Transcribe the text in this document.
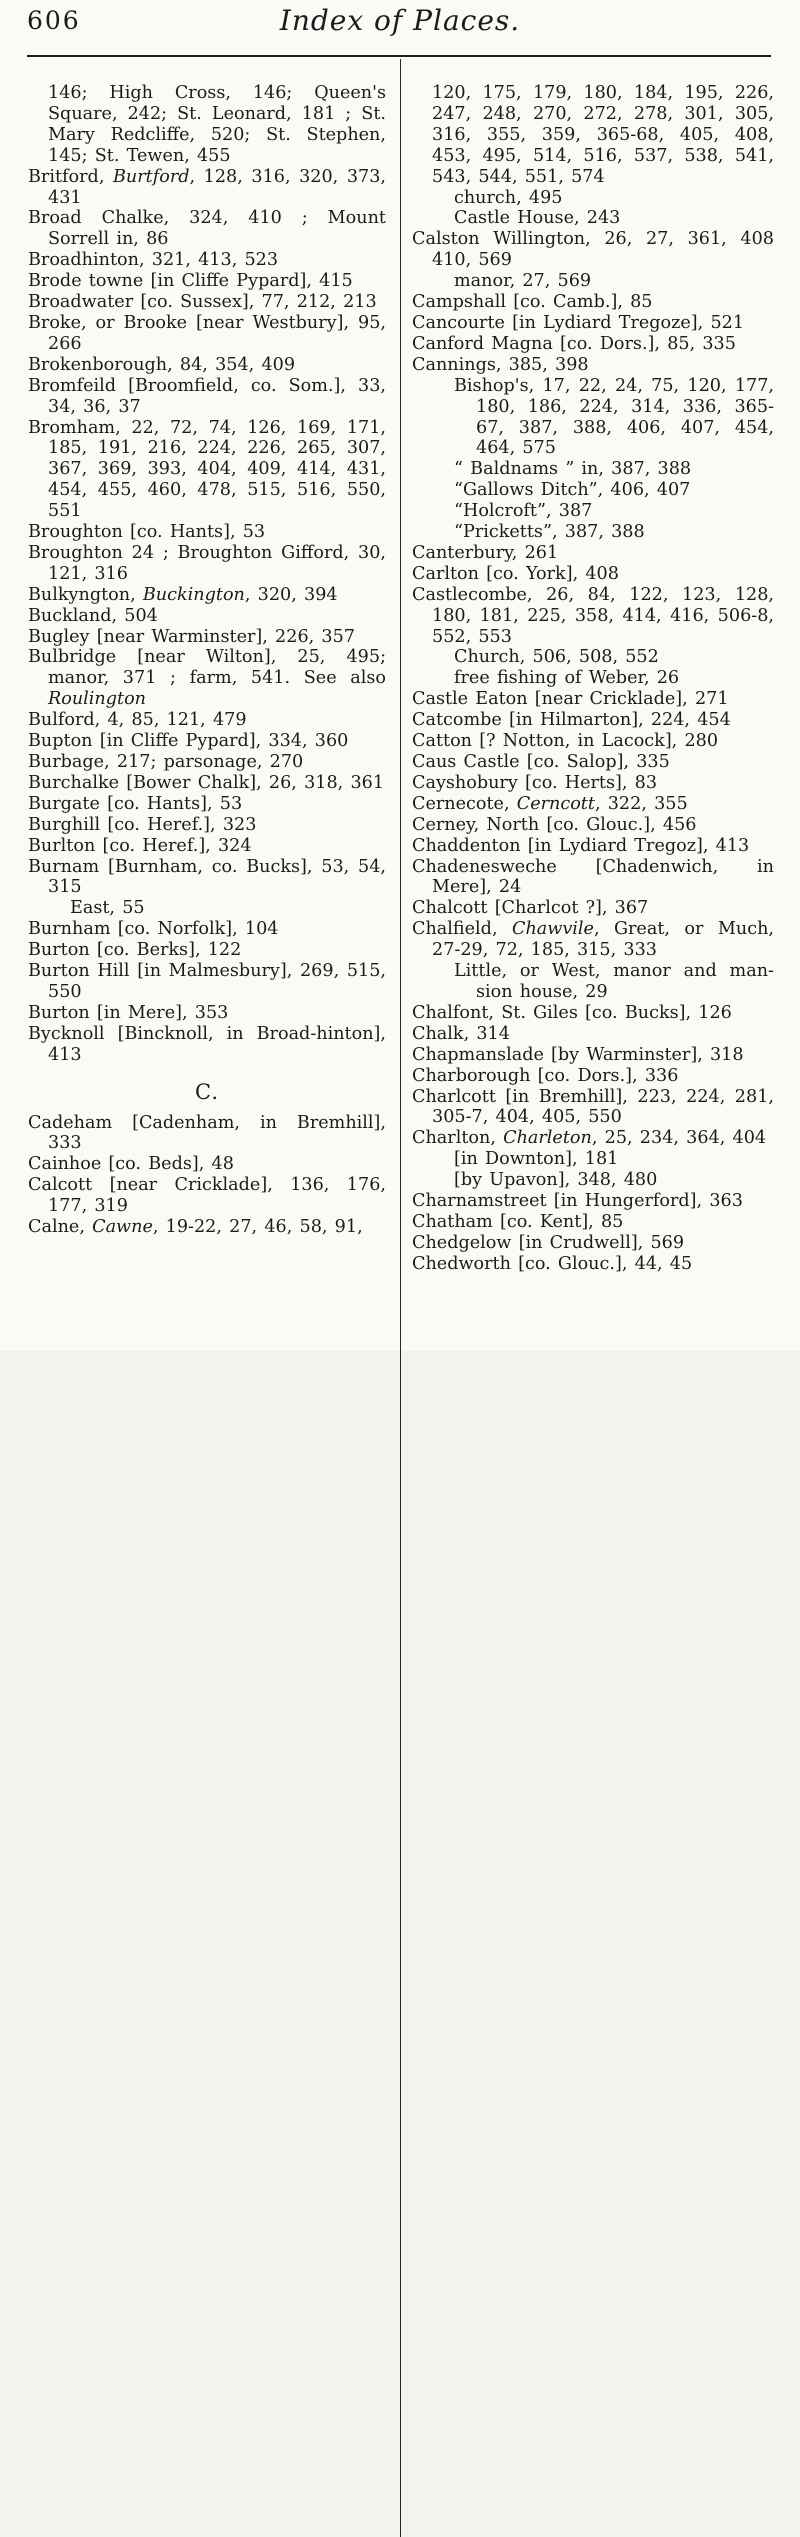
606	Index of Places.
146; High Cross, 146; Queen's Square, 242; St. Leonard, 181 ; St. Mary Redcliffe, 520; St. Stephen, 145; St. Tewen, 455
Britford, Burtford, 128, 316, 320, 373, 431
Broad Chalke, 324, 410 ; Mount Sorrell in, 86
Broadhinton, 321, 413, 523
Brode towne [in Cliffe Pypard], 415
Broadwater [co. Sussex], 77, 212, 213
Broke, or Brooke [near Westbury], 95, 266
Brokenborough, 84, 354, 409
Bromfeild [Broomfield, co. Som.], 33, 34, 36, 37
Bromham, 22, 72, 74, 126, 169, 171, 185, 191, 216, 224, 226, 265, 307, 367, 369, 393, 404, 409, 414, 431, 454, 455, 460, 478, 515, 516, 550, 551
Broughton [co. Hants], 53
Broughton 24 ; Broughton Gifford, 30, 121, 316
Bulkyngton, Buckington, 320, 394
Buckland, 504
Bugley [near Warminster], 226, 357
Bulbridge [near Wilton], 25, 495; manor, 371 ; farm, 541. See also Roulington
Bulford, 4, 85, 121, 479
Bupton [in Cliffe Pypard], 334, 360
Burbage, 217; parsonage, 270
Burchalke [Bower Chalk], 26, 318, 361
Burgate [co. Hants], 53
Burghill [co. Heref.], 323
Burlton [co. Heref.], 324
Burnam [Burnham, co. Bucks], 53, 54, 315
East, 55
Burnham [co. Norfolk], 104
Burton [co. Berks], 122
Burton Hill [in Malmesbury], 269, 515, 550
Burton [in Mere], 353
Bycknoll [Bincknoll, in Broad-hinton], 413
C.
Cadeham [Cadenham, in Bremhill], 333
Cainhoe [co. Beds], 48
Calcott [near Cricklade], 136, 176, 177, 319
Calne, Cawne, 19-22, 27, 46, 58, 91,
120, 175, 179, 180, 184, 195, 226, 247, 248, 270, 272, 278, 301, 305, 316, 355, 359, 365-68, 405, 408, 453, 495, 514, 516, 537, 538, 541, 543, 544, 551, 574
church, 495
Castle House, 243
Calston Willington, 26, 27, 361, 408 410, 569
manor, 27, 569
Campshall [co. Camb.], 85
Cancourte [in Lydiard Tregoze], 521
Canford Magna [co. Dors.], 85, 335
Cannings, 385, 398
Bishop's, 17, 22, 24, 75, 120, 177, 180, 186, 224, 314, 336, 365-67, 387, 388, 406, 407, 454, 464, 575
“ Baldnams ” in, 387, 388
“Gallows Ditch”, 406, 407
“Holcroft”, 387
“Pricketts”, 387, 388
Canterbury, 261
Carlton [co. York], 408
Castlecombe, 26, 84, 122, 123, 128, 180, 181, 225, 358, 414, 416, 506-8, 552, 553
Church, 506, 508, 552
free fishing of Weber, 26
Castle Eaton [near Cricklade], 271
Catcombe [in Hilmarton], 224, 454
Catton [? Notton, in Lacock], 280
Caus Castle [co. Salop], 335
Cayshobury [co. Herts], 83
Cernecote, Cerncott, 322, 355
Cerney, North [co. Glouc.], 456
Chaddenton [in Lydiard Tregoz], 413
Chadenesweche [Chadenwich, in Mere], 24
Chalcott [Charlcot ?], 367
Chalfield, Chawvile, Great, or Much, 27-29, 72, 185, 315, 333
Little, or West, manor and man-sion house, 29
Chalfont, St. Giles [co. Bucks], 126
Chalk, 314
Chapmanslade [by Warminster], 318
Charborough [co. Dors.], 336
Charlcott [in Bremhill], 223, 224, 281, 305-7, 404, 405, 550
Charlton, Charleton, 25, 234, 364, 404
[in Downton], 181
[by Upavon], 348, 480
Charnamstreet [in Hungerford], 363
Chatham [co. Kent], 85
Chedgelow [in Crudwell], 569
Chedworth [co. Glouc.], 44, 45
